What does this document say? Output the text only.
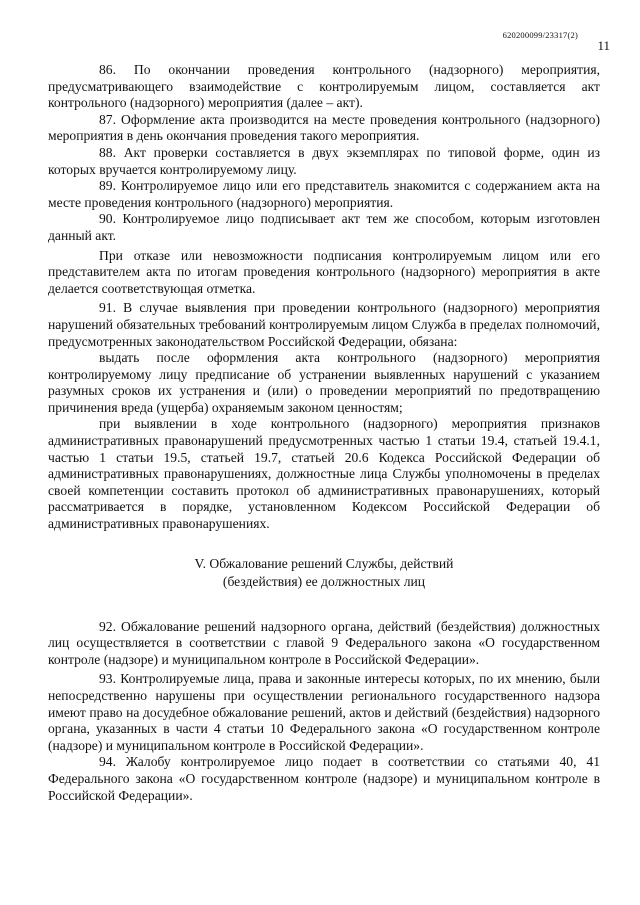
620200099/23317(2)
11

86. По окончании проведения контрольного (надзорного) мероприятия, предусматривающего взаимодействие с контролируемым лицом, составляется акт контрольного (надзорного) мероприятия (далее – акт).

87. Оформление акта производится на месте проведения контрольного (надзорного) мероприятия в день окончания проведения такого мероприятия.

88. Акт проверки составляется в двух экземплярах по типовой форме, один из которых вручается контролируемому лицу.

89. Контролируемое лицо или его представитель знакомится с содержанием акта на месте проведения контрольного (надзорного) мероприятия.

90. Контролируемое лицо подписывает акт тем же способом, которым изготовлен данный акт.

При отказе или невозможности подписания контролируемым лицом или его представителем акта по итогам проведения контрольного (надзорного) мероприятия в акте делается соответствующая отметка.

91. В случае выявления при проведении контрольного (надзорного) мероприятия нарушений обязательных требований контролируемым лицом Служба в пределах полномочий, предусмотренных законодательством Российской Федерации, обязана:

выдать после оформления акта контрольного (надзорного) мероприятия контролируемому лицу предписание об устранении выявленных нарушений с указанием разумных сроков их устранения и (или) о проведении мероприятий по предотвращению причинения вреда (ущерба) охраняемым законом ценностям;

при выявлении в ходе контрольного (надзорного) мероприятия признаков административных правонарушений предусмотренных частью 1 статьи 19.4, статьей 19.4.1, частью 1 статьи 19.5, статьей 19.7, статьей 20.6 Кодекса Российской Федерации об административных правонарушениях, должностные лица Службы уполномочены в пределах своей компетенции составить протокол об административных правонарушениях, который рассматривается в порядке, установленном Кодексом Российской Федерации об административных правонарушениях.

V. Обжалование решений Службы, действий
(бездействия) ее должностных лиц

92. Обжалование решений надзорного органа, действий (бездействия) должностных лиц осуществляется в соответствии с главой 9 Федерального закона «О государственном контроле (надзоре) и муниципальном контроле в Российской Федерации».

93. Контролируемые лица, права и законные интересы которых, по их мнению, были непосредственно нарушены при осуществлении регионального государственного надзора имеют право на досудебное обжалование решений, актов и действий (бездействия) надзорного органа, указанных в части 4 статьи 10 Федерального закона «О государственном контроле (надзоре) и муниципальном контроле в Российской Федерации».

94. Жалобу контролируемое лицо подает в соответствии со статьями 40, 41 Федерального закона «О государственном контроле (надзоре) и муниципальном контроле в Российской Федерации».
